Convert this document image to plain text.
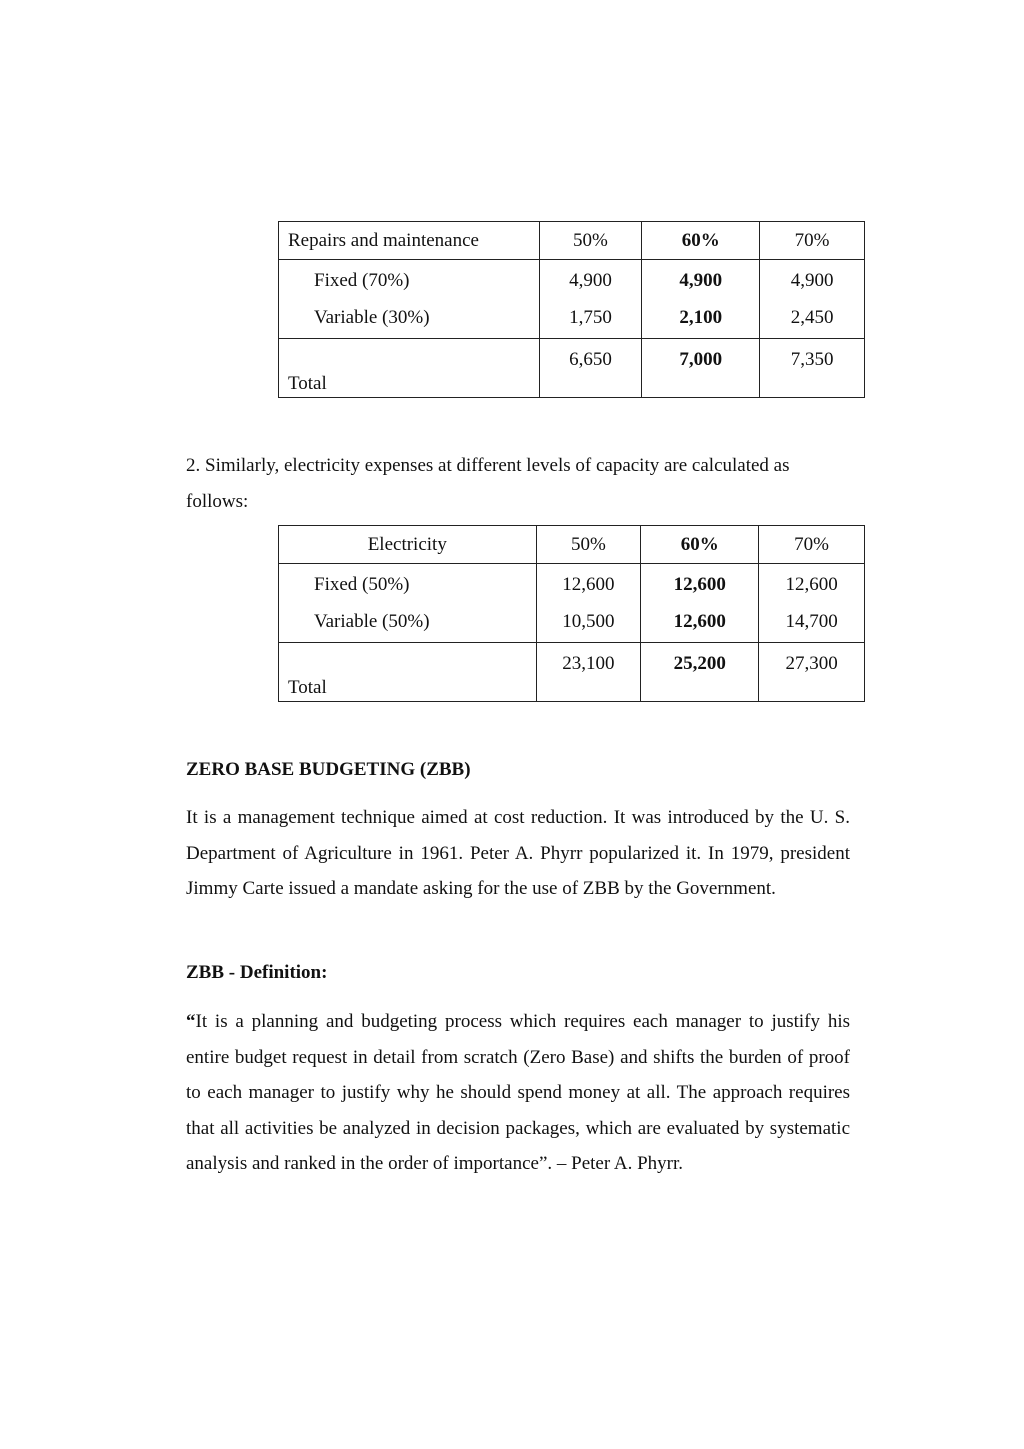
Repairs and maintenance	50%	60%	70%
Fixed (70%)	4,900	4,900	4,900
Variable (30%)	1,750	2,100	2,450

Total	6,650	7,000	7,350

2. Similarly, electricity expenses at different levels of capacity are calculated as follows:

Electricity	50%	60%	70%
Fixed (50%)	12,600	12,600	12,600
Variable (50%)	10,500	12,600	14,700

Total	23,100	25,200	27,300

ZERO BASE BUDGETING (ZBB)

It is a management technique aimed at cost reduction. It was introduced by the U. S. Department of Agriculture in 1961. Peter A. Phyrr popularized it. In 1979, president Jimmy Carte issued a mandate asking for the use of ZBB by the Government.

ZBB - Definition:

“It is a planning and budgeting process which requires each manager to justify his entire budget request in detail from scratch (Zero Base) and shifts the burden of proof to each manager to justify why he should spend money at all. The approach requires that all activities be analyzed in decision packages, which are evaluated by systematic analysis and ranked in the order of importance”. – Peter A. Phyrr.
